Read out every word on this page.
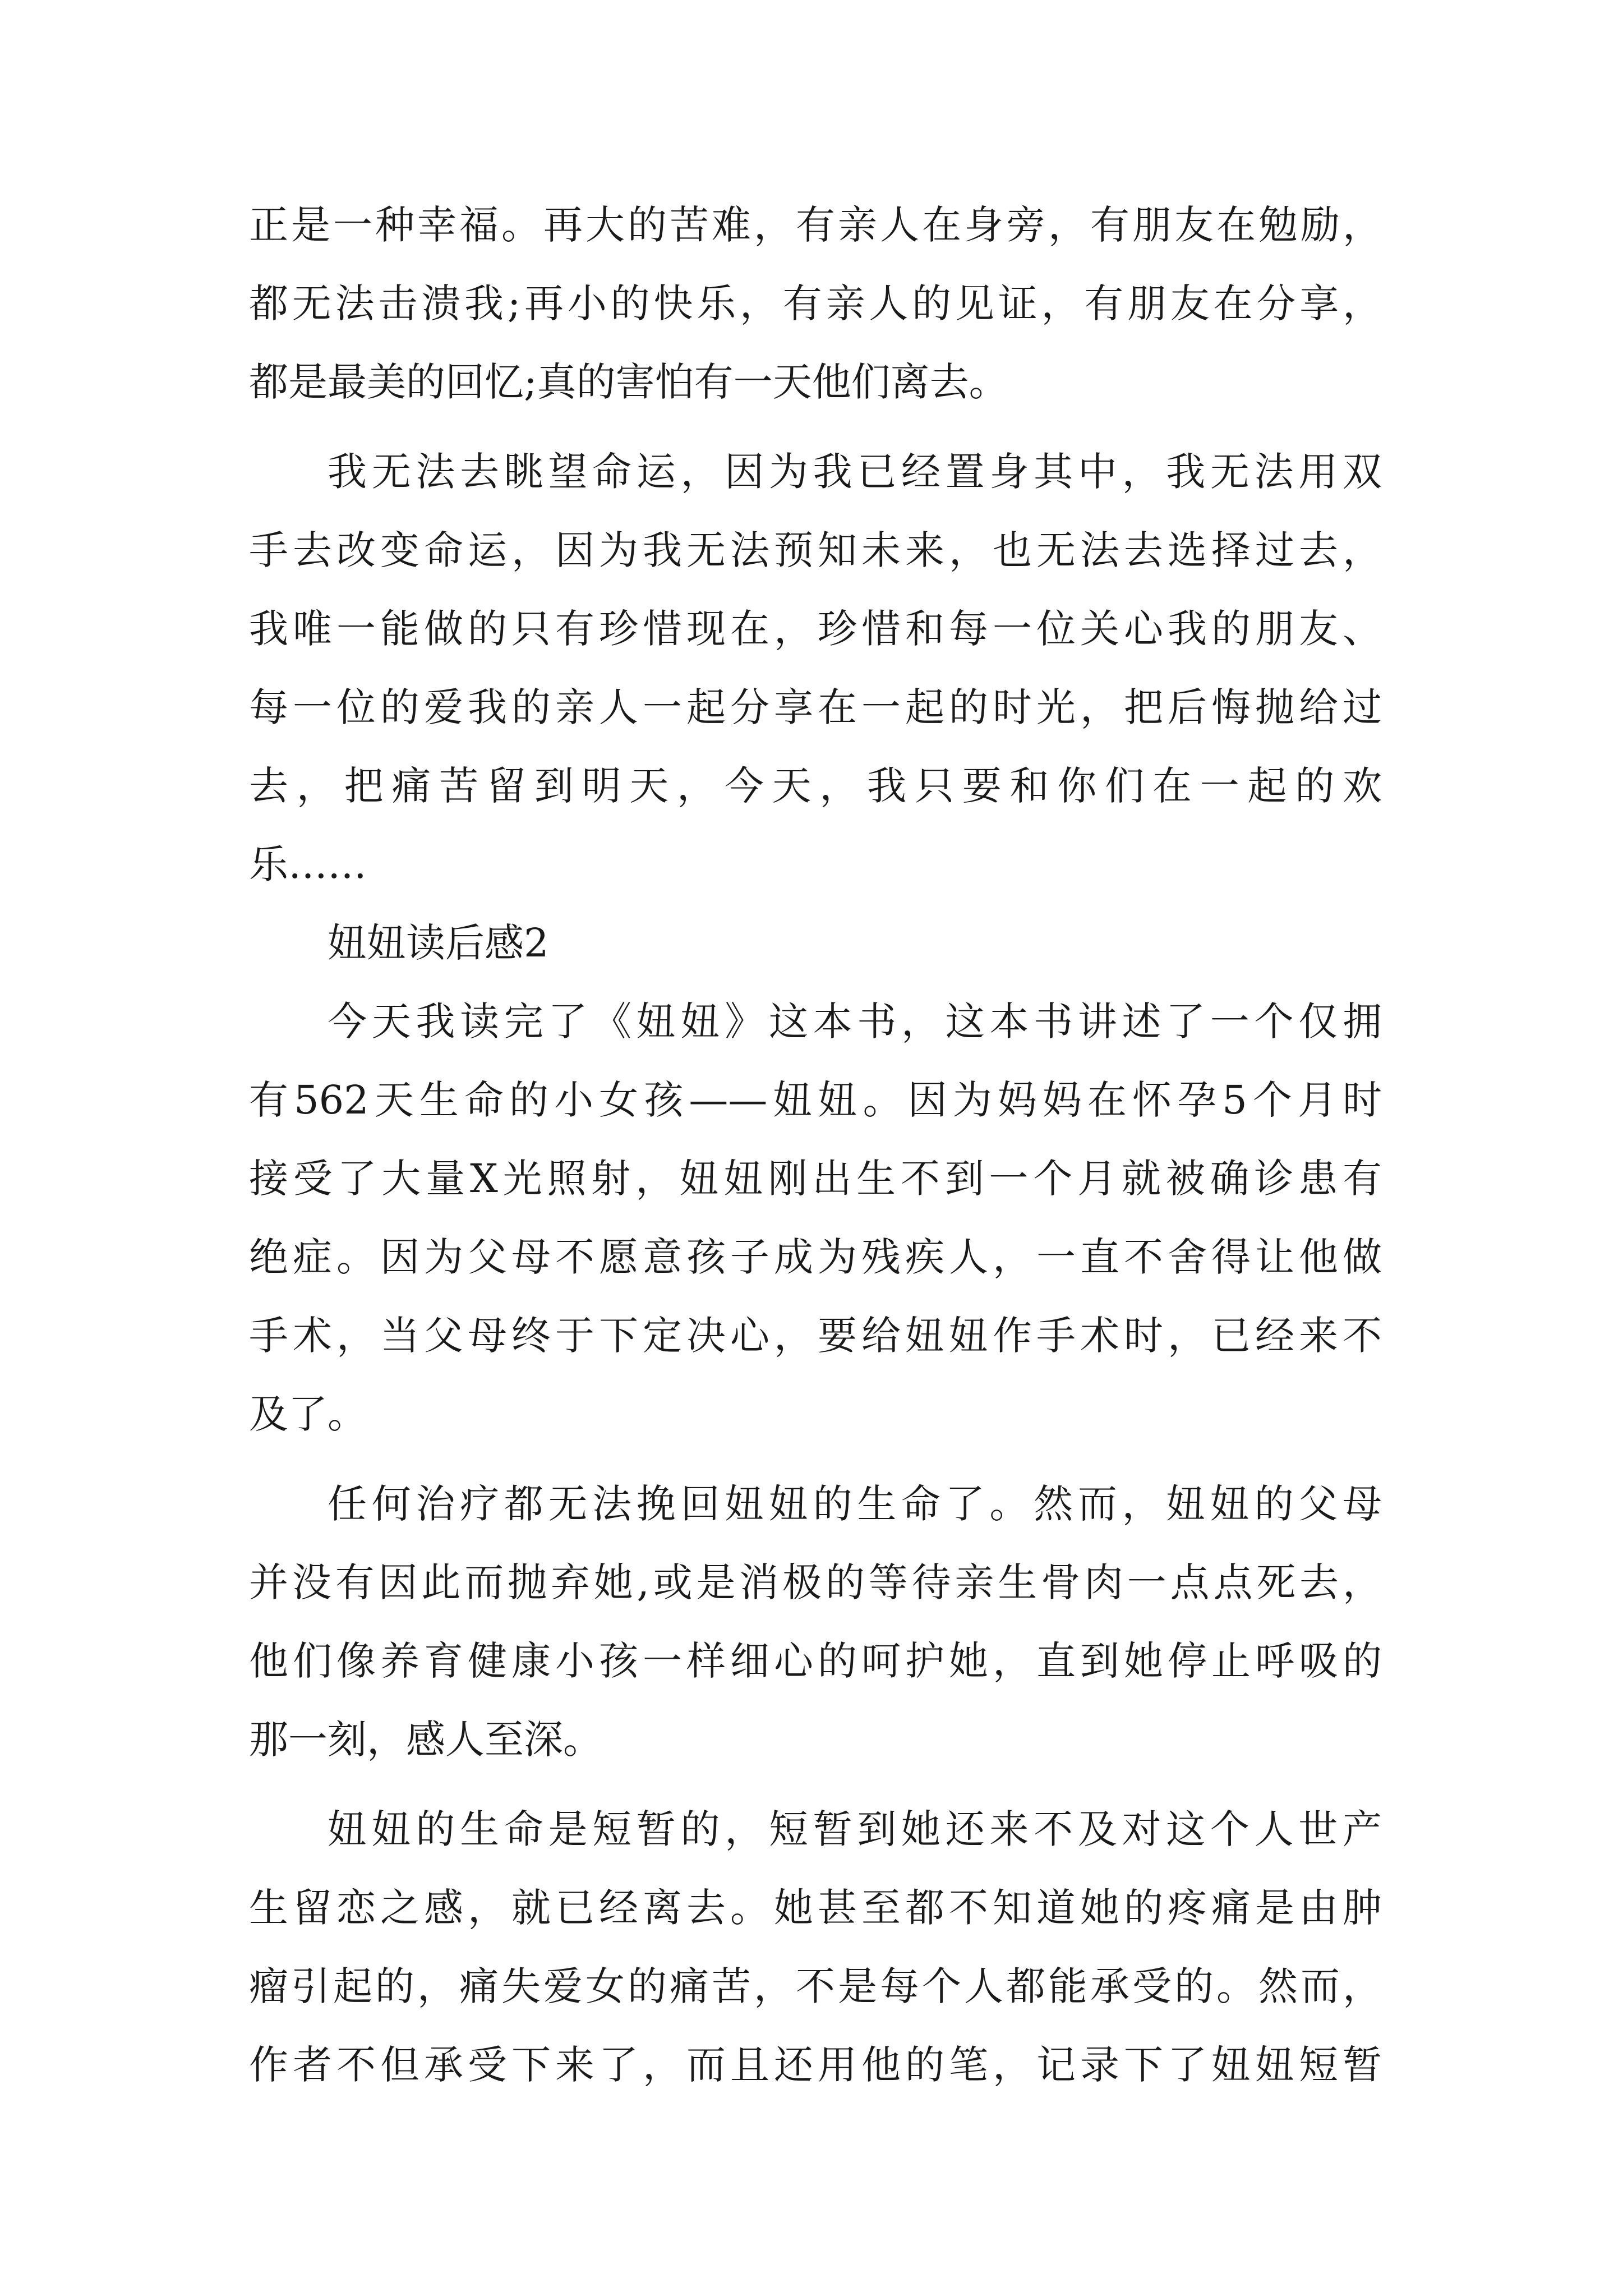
正是一种幸福。再大的苦难，有亲人在身旁，有朋友在勉励，

都无法击溃我;再小的快乐，有亲人的见证，有朋友在分享，

都是最美的回忆;真的害怕有一天他们离去。

我无法去眺望命运，因为我已经置身其中，我无法用双

手去改变命运，因为我无法预知未来，也无法去选择过去，

我唯一能做的只有珍惜现在，珍惜和每一位关心我的朋友、

每一位的爱我的亲人一起分享在一起的时光，把后悔抛给过

去，把痛苦留到明天，今天，我只要和你们在一起的欢

乐……

妞妞读后感2

今天我读完了《妞妞》这本书，这本书讲述了一个仅拥

有562天生命的小女孩——妞妞。因为妈妈在怀孕5个月时

接受了大量X光照射，妞妞刚出生不到一个月就被确诊患有

绝症。因为父母不愿意孩子成为残疾人，一直不舍得让他做

手术，当父母终于下定决心，要给妞妞作手术时，已经来不

及了。

任何治疗都无法挽回妞妞的生命了。然而，妞妞的父母

并没有因此而抛弃她,或是消极的等待亲生骨肉一点点死去，

他们像养育健康小孩一样细心的呵护她，直到她停止呼吸的

那一刻，感人至深。

妞妞的生命是短暂的，短暂到她还来不及对这个人世产

生留恋之感，就已经离去。她甚至都不知道她的疼痛是由肿

瘤引起的，痛失爱女的痛苦，不是每个人都能承受的。然而，

作者不但承受下来了，而且还用他的笔，记录下了妞妞短暂
